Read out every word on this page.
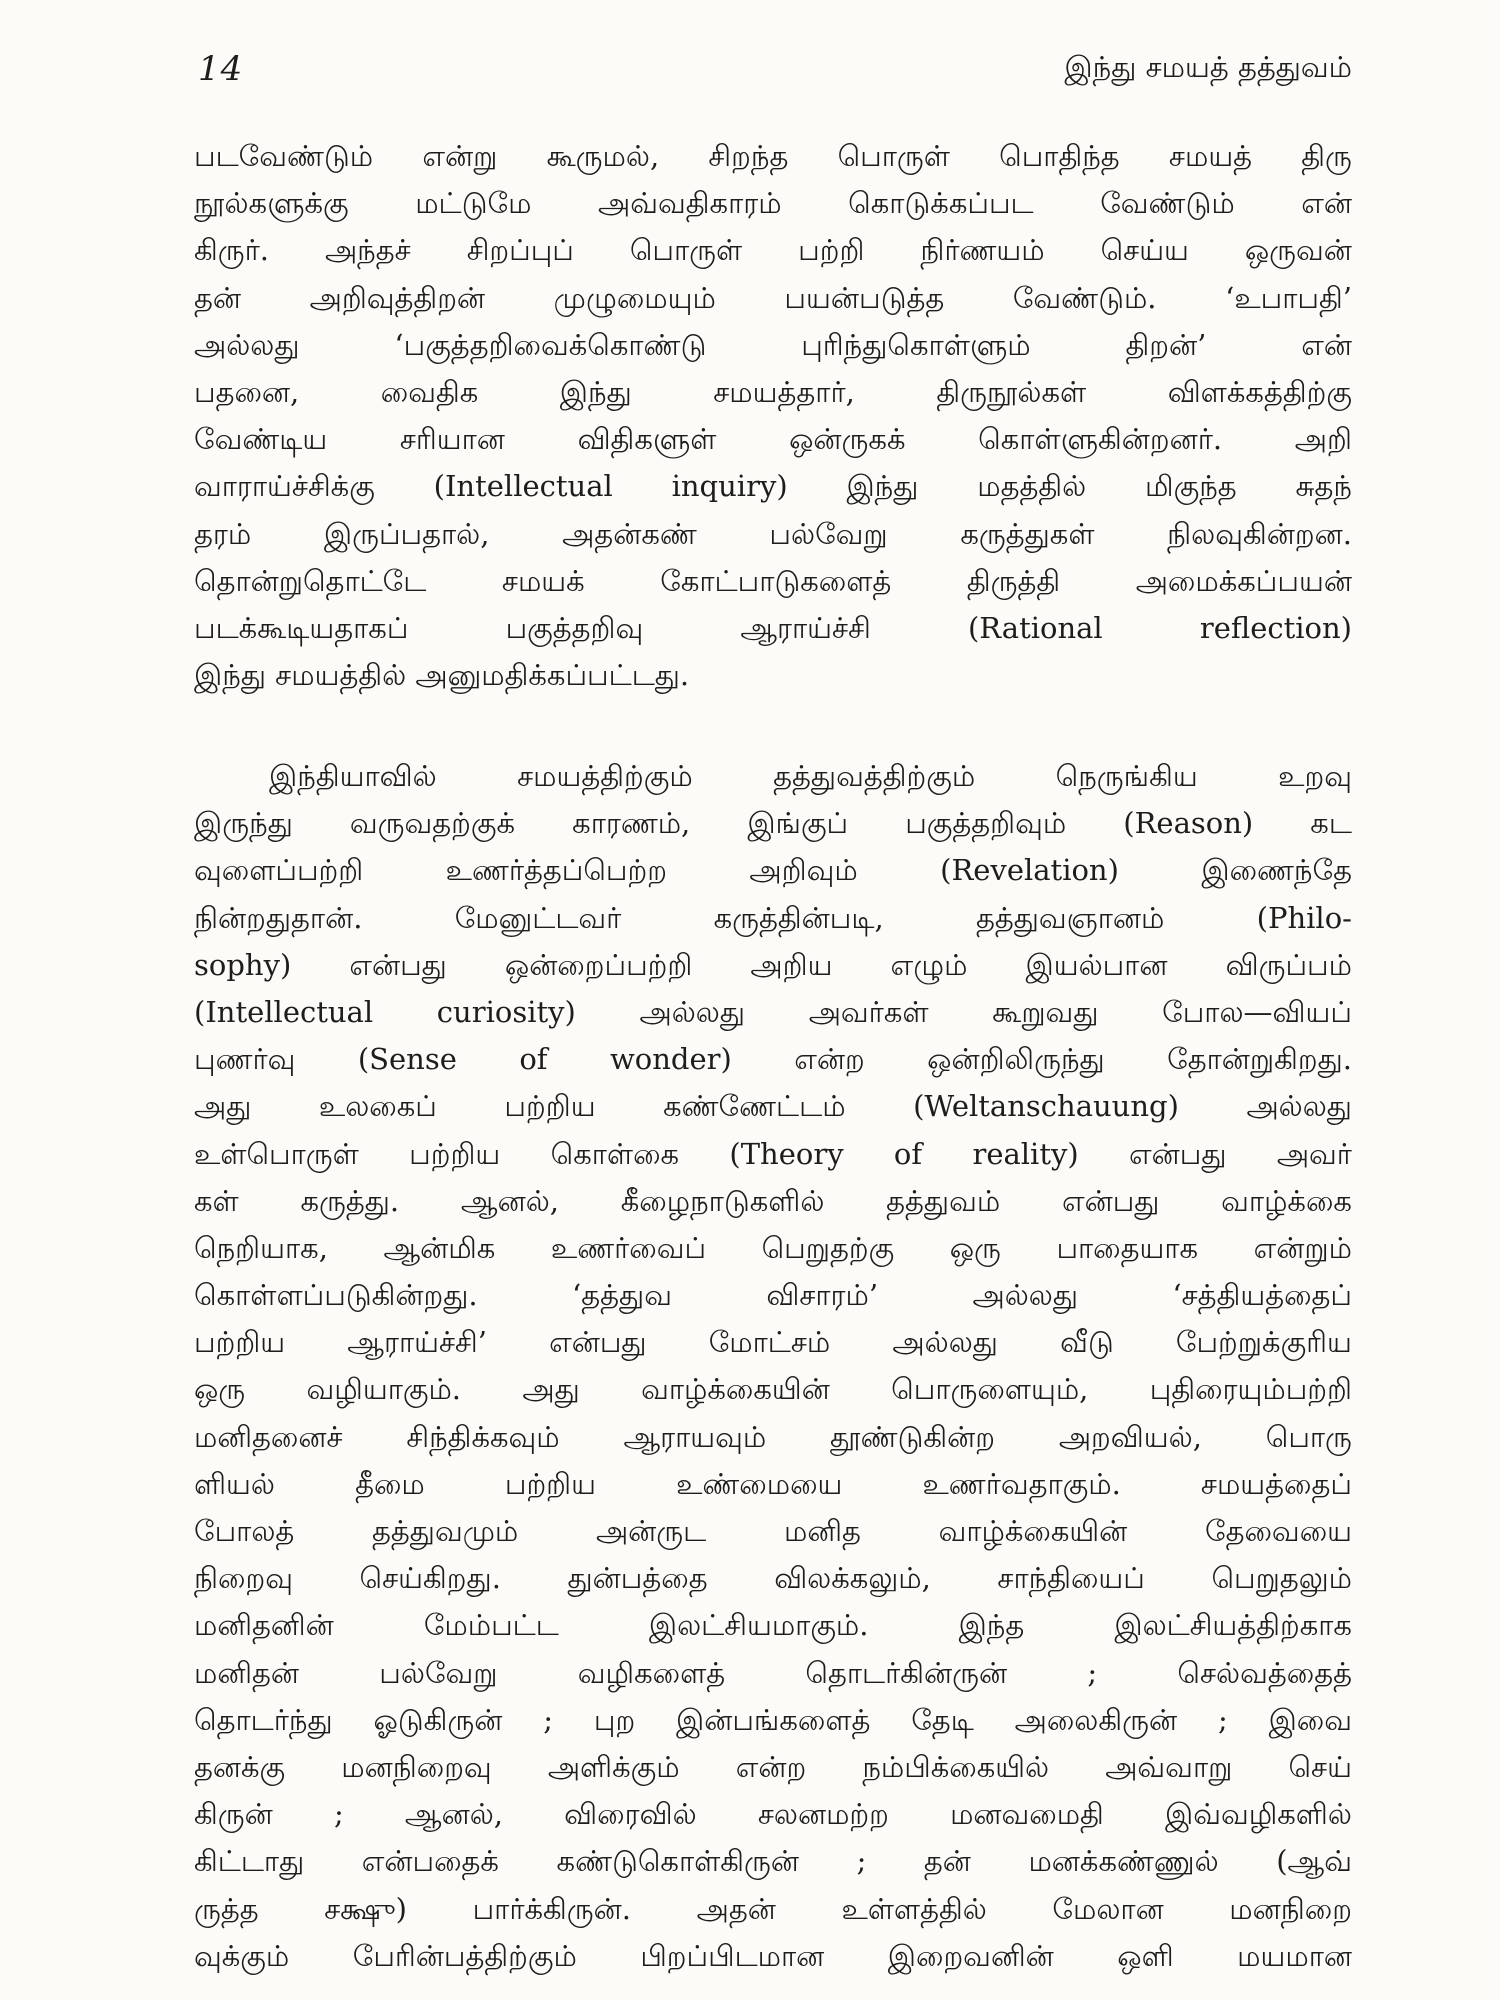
14	இந்து சமயத் தத்துவம்
படவேண்டும் என்று கூருமல், சிறந்த பொருள் பொதிந்த சமயத் திரு
நூல்களுக்கு மட்டுமே அவ்வதிகாரம் கொடுக்கப்பட வேண்டும் என்
கிருர். அந்தச் சிறப்புப் பொருள் பற்றி நிர்ணயம் செய்ய ஒருவன்
தன் அறிவுத்திறன் முழுமையும் பயன்படுத்த வேண்டும். ‘உபாபதி’
அல்லது	‘பகுத்தறிவைக்கொண்டு	புரிந்துகொள்ளும்	திறன்’	என்
பதனை,	வைதிக	இந்து	சமயத்தார்,	திருநூல்கள்	விளக்கத்திற்கு
வேண்டிய	சரியான	விதிகளுள்	ஒன்ருகக்	கொள்ளுகின்றனர்.	அறி
வாராய்ச்சிக்கு (Intellectual inquiry) இந்து மதத்தில் மிகுந்த சுதந்
தரம்	இருப்பதால்,	அதன்கண்	பல்வேறு	கருத்துகள்	நிலவுகின்றன.
தொன்றுதொட்டே	சமயக்	கோட்பாடுகளைத்	திருத்தி	அமைக்கப்பயன்
படக்கூடியதாகப்	பகுத்தறிவு	ஆராய்ச்சி	(Rational	reflection)
இந்து சமயத்தில் அனுமதிக்கப்பட்டது.
இந்தியாவில்	சமயத்திற்கும்	தத்துவத்திற்கும்	நெருங்கிய	உறவு
இருந்து வருவதற்குக் காரணம், இங்குப் பகுத்தறிவும் (Reason) கட
வுளைப்பற்றி	உணர்த்தப்பெற்ற	அறிவும்	(Revelation)	இணைந்தே
நின்றதுதான்.	மேனுட்டவர்	கருத்தின்படி,	தத்துவஞானம்	(Philo-
sophy) என்பது ஒன்றைப்பற்றி அறிய எழும் இயல்பான விருப்பம்
(Intellectual curiosity) அல்லது அவர்கள் கூறுவது போல—வியப்
புணர்வு (Sense of wonder) என்ற ஒன்றிலிருந்து தோன்றுகிறது.
அது உலகைப் பற்றிய கண்ணேட்டம் (Weltanschauung) அல்லது
உள்பொருள் பற்றிய கொள்கை (Theory of reality) என்பது அவர்
கள் கருத்து. ஆனல், கீழைநாடுகளில் தத்துவம் என்பது வாழ்க்கை
நெறியாக, ஆன்மிக உணர்வைப் பெறுதற்கு ஒரு பாதையாக என்றும்
கொள்ளப்படுகின்றது.	‘தத்துவ	விசாரம்’	அல்லது	‘சத்தியத்தைப்
பற்றிய ஆராய்ச்சி’ என்பது மோட்சம் அல்லது வீடு பேற்றுக்குரிய
ஒரு வழியாகும். அது வாழ்க்கையின் பொருளையும், புதிரையும்பற்றி
மனிதனைச் சிந்திக்கவும் ஆராயவும் தூண்டுகின்ற அறவியல், பொரு
ளியல்	தீமை	பற்றிய	உண்மையை	உணர்வதாகும்.	சமயத்தைப்
போலத்	தத்துவமும்	அன்ருட	மனித	வாழ்க்கையின்	தேவையை
நிறைவு செய்கிறது. துன்பத்தை விலக்கலும், சாந்தியைப் பெறுதலும்
மனிதனின்	மேம்பட்ட	இலட்சியமாகும்.	இந்த	இலட்சியத்திற்காக
மனிதன்	பல்வேறு	வழிகளைத்	தொடர்கின்ருன்	;	செல்வத்தைத்
தொடர்ந்து ஓடுகிருன் ; புற இன்பங்களைத் தேடி அலைகிருன் ; இவை
தனக்கு மனநிறைவு அளிக்கும் என்ற நம்பிக்கையில் அவ்வாறு செய்
கிருன் ; ஆனல், விரைவில் சலனமற்ற மனவமைதி இவ்வழிகளில்
கிட்டாது என்பதைக் கண்டுகொள்கிருன் ; தன் மனக்கண்ணுல் (ஆவ்
ருத்த சக்ஷு) பார்க்கிருன். அதன் உள்ளத்தில் மேலான மனநிறை
வுக்கும் பேரின்பத்திற்கும் பிறப்பிடமான இறைவனின் ஒளி மயமான
